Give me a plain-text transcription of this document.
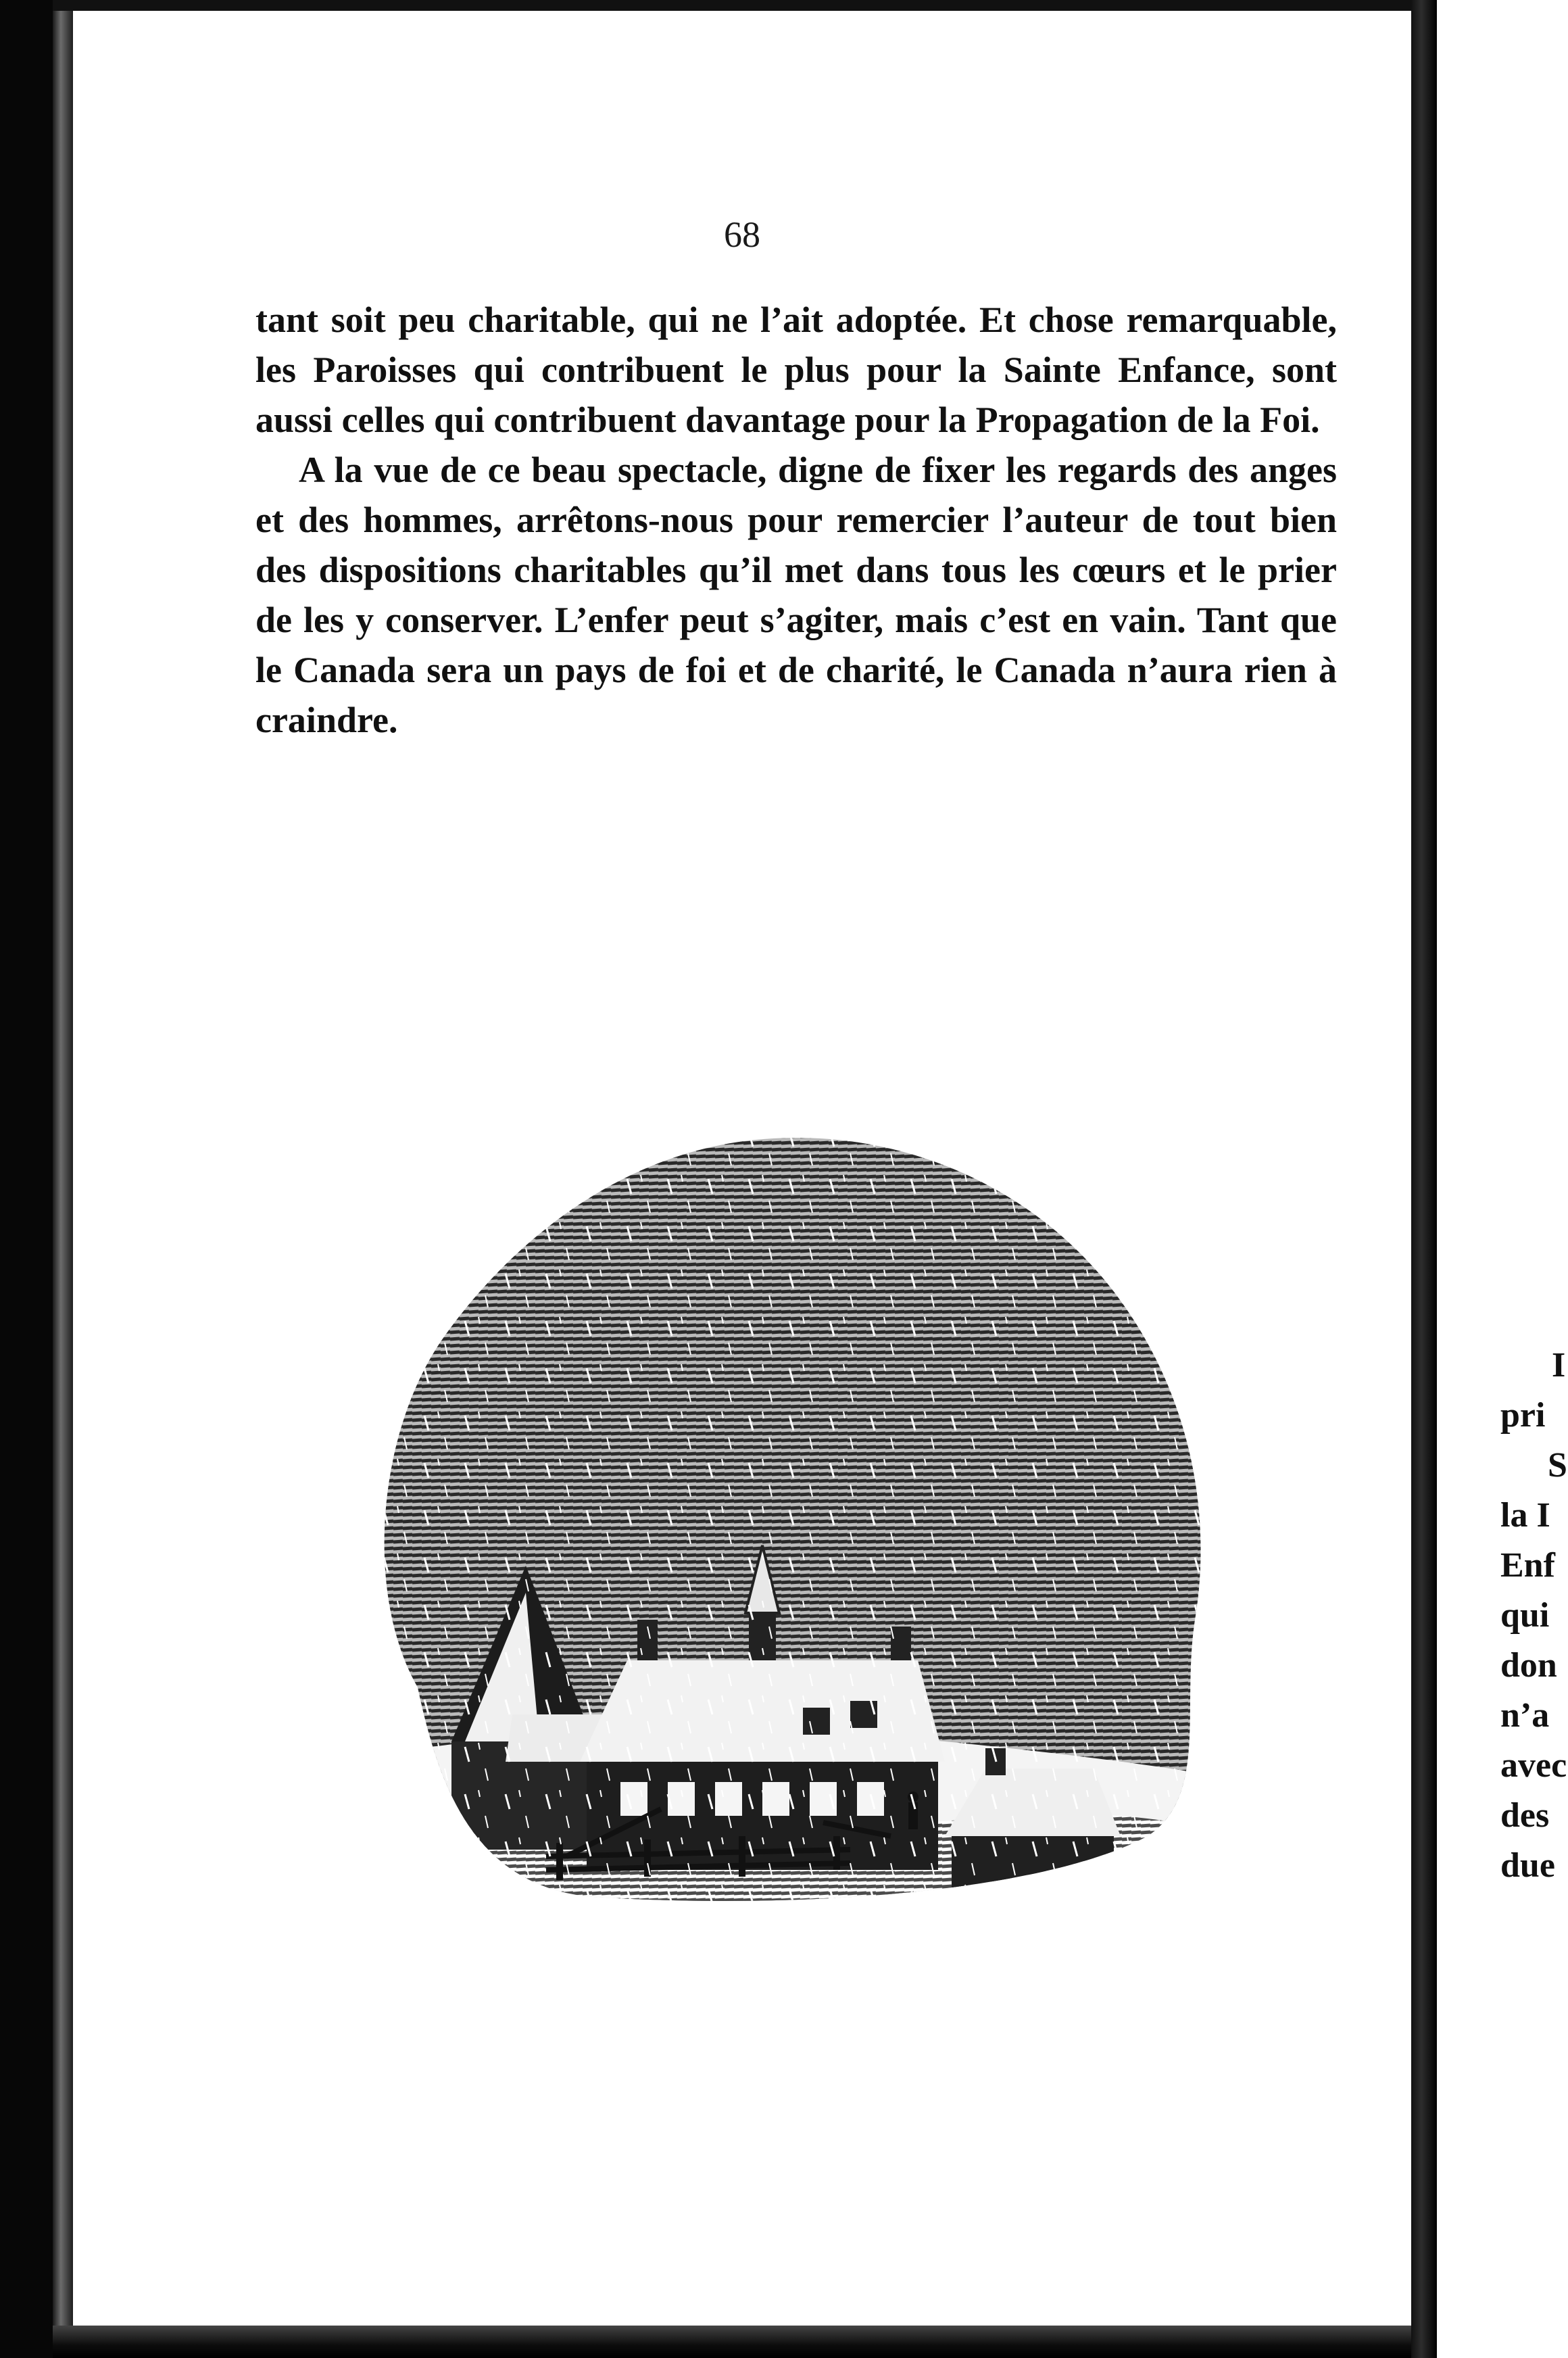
68

tant soit peu charitable, qui ne l’ait adoptée. Et chose remarquable, les Paroisses qui contribuent le plus pour la Sainte Enfance, sont aussi celles qui contribuent davantage pour la Propagation de la Foi.

A la vue de ce beau spectacle, digne de fixer les regards des anges et des hommes, arrêtons-nous pour remercier l’auteur de tout bien des dispositions charitables qu’il met dans tous les cœurs et le prier de les y conserver. L’enfer peut s’agiter, mais c’est en vain. Tant que le Canada sera un pays de foi et de charité, le Canada n’aura rien à craindre.

I
pri
S
la I
Enf
qui
don
n’a
avec
des
due
